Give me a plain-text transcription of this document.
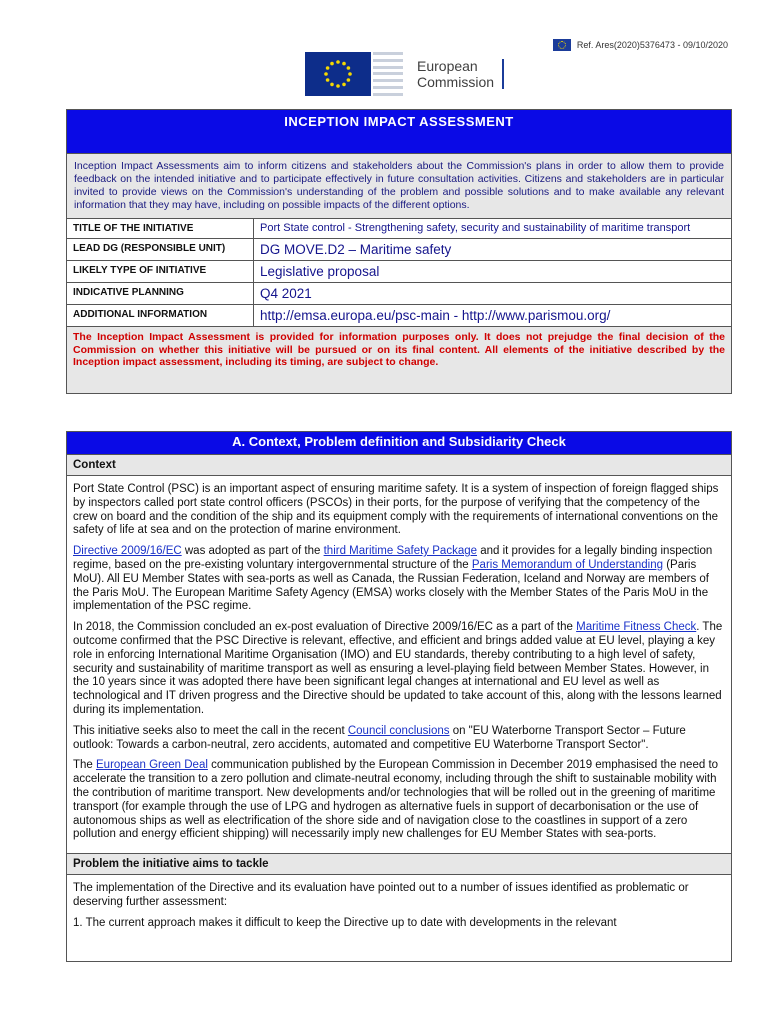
Ref. Ares(2020)5376473 - 09/10/2020
European
Commission
INCEPTION IMPACT ASSESSMENT	
Inception Impact Assessments aim to inform citizens and stakeholders about the Commission's plans in order to allow them to provide feedback on the intended initiative and to participate effectively in future consultation activities. Citizens and stakeholders are in particular invited to provide views on the Commission's understanding of the problem and possible solutions and to make available any relevant information that they may have, including on possible impacts of the different options.	
TITLE OF THE INITIATIVE	Port State control - Strengthening safety, security and sustainability of maritime transport
LEAD DG (RESPONSIBLE UNIT)	DG MOVE.D2 – Maritime safety
LIKELY TYPE OF INITIATIVE	Legislative proposal
INDICATIVE PLANNING	Q4 2021
ADDITIONAL INFORMATION	http://emsa.europa.eu/psc-main - http://www.parismou.org/
The Inception Impact Assessment is provided for information purposes only. It does not prejudge the final decision of the Commission on whether this initiative will be pursued or on its final content. All elements of the initiative described by the Inception impact assessment, including its timing, are subject to change.	
A. Context, Problem definition and Subsidiarity Check
Context

Port State Control (PSC) is an important aspect of ensuring maritime safety. It is a system of inspection of foreign flagged ships by inspectors called port state control officers (PSCOs) in their ports, for the purpose of verifying that the competency of the crew on board and the condition of the ship and its equipment comply with the requirements of international conventions on the safety of life at sea and on the protection of marine environment.

Directive 2009/16/EC was adopted as part of the third Maritime Safety Package and it provides for a legally binding inspection regime, based on the pre-existing voluntary intergovernmental structure of the Paris Memorandum of Understanding (Paris MoU). All EU Member States with sea-ports as well as Canada, the Russian Federation, Iceland and Norway are members of the Paris MoU. The European Maritime Safety Agency (EMSA) works closely with the Member States of the Paris MoU in the implementation of the PSC regime.

In 2018, the Commission concluded an ex-post evaluation of Directive 2009/16/EC as a part of the Maritime Fitness Check. The outcome confirmed that the PSC Directive is relevant, effective, and efficient and brings added value at EU level, playing a key role in enforcing International Maritime Organisation (IMO) and EU standards, thereby contributing to a high level of safety, security and sustainability of maritime transport as well as ensuring a level-playing field between Member States. However, in the 10 years since it was adopted there have been significant legal changes at international and EU level as well as technological and IT driven progress and the Directive should be updated to take account of this, along with the lessons learned during its implementation.

This initiative seeks also to meet the call in the recent Council conclusions on "EU Waterborne Transport Sector – Future outlook: Towards a carbon-neutral, zero accidents, automated and competitive EU Waterborne Transport Sector".

The European Green Deal communication published by the European Commission in December 2019 emphasised the need to accelerate the transition to a zero pollution and climate-neutral economy, including through the shift to sustainable mobility with the contribution of maritime transport. New developments and/or technologies that will be rolled out in the greening of maritime transport (for example through the use of LPG and hydrogen as alternative fuels in support of decarbonisation or the use of autonomous ships as well as electrification of the shore side and of navigation close to the coastlines in support of a zero pollution and energy efficient shipping) will necessarily imply new challenges for EU Member States with sea-ports.

Problem the initiative aims to tackle

The implementation of the Directive and its evaluation have pointed out to a number of issues identified as problematic or deserving further assessment:

1. The current approach makes it difficult to keep the Directive up to date with developments in the relevant
